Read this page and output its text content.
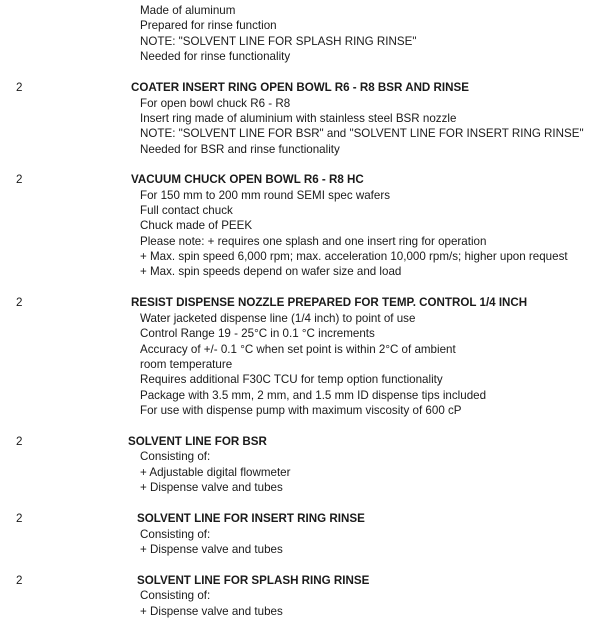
Made of aluminum
Prepared for rinse function
NOTE: "SOLVENT LINE FOR SPLASH RING RINSE"
Needed for rinse functionality
2	COATER INSERT RING OPEN BOWL R6 - R8 BSR AND RINSE
For open bowl chuck R6 - R8
Insert ring made of aluminium with stainless steel BSR nozzle
NOTE: "SOLVENT LINE FOR BSR" and "SOLVENT LINE FOR INSERT RING RINSE"
Needed for BSR and rinse functionality
2	VACUUM CHUCK OPEN BOWL R6 - R8 HC
For 150 mm to 200 mm round SEMI spec wafers
Full contact chuck
Chuck made of PEEK
Please note: + requires one splash and one insert ring for operation
+ Max. spin speed 6,000 rpm; max. acceleration 10,000 rpm/s; higher upon request
+ Max. spin speeds depend on wafer size and load
2	RESIST DISPENSE NOZZLE PREPARED FOR TEMP. CONTROL 1/4 INCH
Water jacketed dispense line (1/4 inch) to point of use
Control Range 19 - 25°C in 0.1 °C increments
Accuracy of +/- 0.1 °C when set point is within 2°C of ambient
room temperature
Requires additional F30C TCU for temp option functionality
Package with 3.5 mm, 2 mm, and 1.5 mm ID dispense tips included
For use with dispense pump with maximum viscosity of 600 cP
2	SOLVENT LINE FOR BSR
Consisting of:
+ Adjustable digital flowmeter
+ Dispense valve and tubes
2	SOLVENT LINE FOR INSERT RING RINSE
Consisting of:
+ Dispense valve and tubes
2	SOLVENT LINE FOR SPLASH RING RINSE
Consisting of:
+ Dispense valve and tubes
